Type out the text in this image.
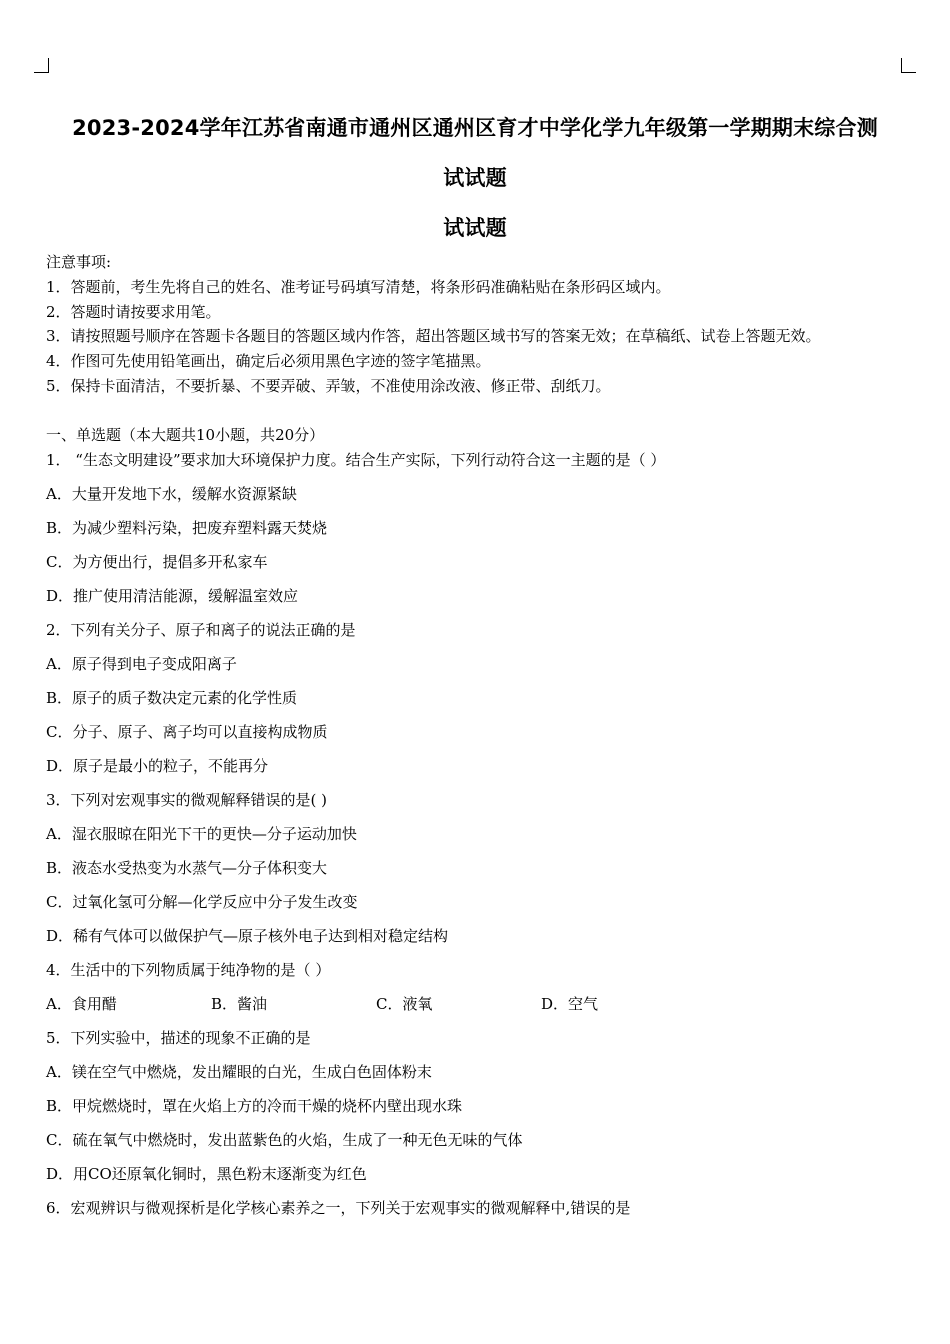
2023-2024学年江苏省南通市通州区通州区育才中学化学九年级第一学期期末综合测
试试题
试试题
注意事项:
1．答题前，考生先将自己的姓名、准考证号码填写清楚，将条形码准确粘贴在条形码区域内。
2．答题时请按要求用笔。
3．请按照题号顺序在答题卡各题目的答题区域内作答，超出答题区域书写的答案无效；在草稿纸、试卷上答题无效。
4．作图可先使用铅笔画出，确定后必须用黑色字迹的签字笔描黑。
5．保持卡面清洁，不要折暴、不要弄破、弄皱，不准使用涂改液、修正带、刮纸刀。
一、单选题（本大题共10小题，共20分）
1． “生态文明建设”要求加大环境保护力度。结合生产实际，下列行动符合这一主题的是（ ）
A．大量开发地下水，缓解水资源紧缺
B．为减少塑料污染，把废弃塑料露天焚烧
C．为方便出行，提倡多开私家车
D．推广使用清洁能源，缓解温室效应
2．下列有关分子、原子和离子的说法正确的是
A．原子得到电子变成阳离子
B．原子的质子数决定元素的化学性质
C．分子、原子、离子均可以直接构成物质
D．原子是最小的粒子，不能再分
3．下列对宏观事实的微观解释错误的是( )
A．湿衣服晾在阳光下干的更快—分子运动加快
B．液态水受热变为水蒸气—分子体积变大
C．过氧化氢可分解—化学反应中分子发生改变
D．稀有气体可以做保护气—原子核外电子达到相对稳定结构
4．生活中的下列物质属于纯净物的是（ ）
A．食用醋	B．酱油	C．液氧	D．空气
5．下列实验中，描述的现象不正确的是
A．镁在空气中燃烧，发出耀眼的白光，生成白色固体粉末
B．甲烷燃烧时，罩在火焰上方的冷而干燥的烧杯内壁出现水珠
C．硫在氧气中燃烧时，发出蓝紫色的火焰，生成了一种无色无味的气体
D．用CO还原氧化铜时，黑色粉末逐渐变为红色
6．宏观辨识与微观探析是化学核心素养之一，下列关于宏观事实的微观解释中,错误的是
